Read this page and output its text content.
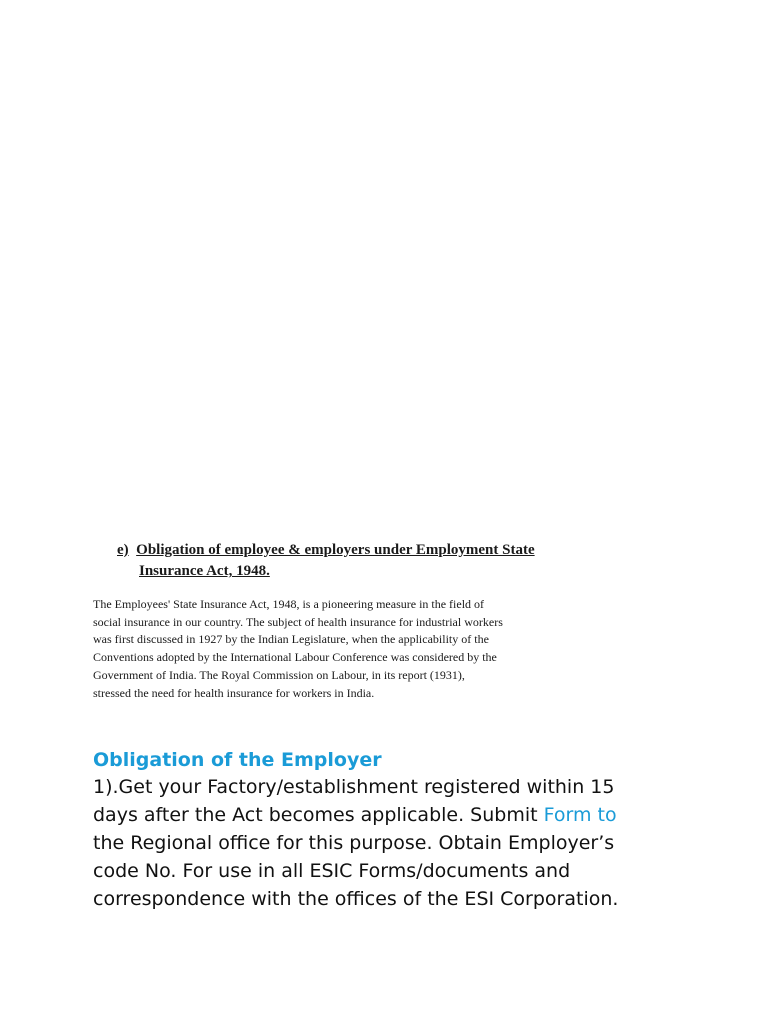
e) Obligation of employee & employers under Employment State
Insurance Act, 1948.
The Employees' State Insurance Act, 1948, is a pioneering measure in the field of
social insurance in our country. The subject of health insurance for industrial workers
was first discussed in 1927 by the Indian Legislature, when the applicability of the
Conventions adopted by the International Labour Conference was considered by the
Government of India. The Royal Commission on Labour, in its report (1931),
stressed the need for health insurance for workers in India.
Obligation of the Employer
1).Get your Factory/establishment registered within 15
days after the Act becomes applicable. Submit Form to
the Regional office for this purpose. Obtain Employer’s
code No. For use in all ESIC Forms/documents and
correspondence with the offices of the ESI Corporation.
